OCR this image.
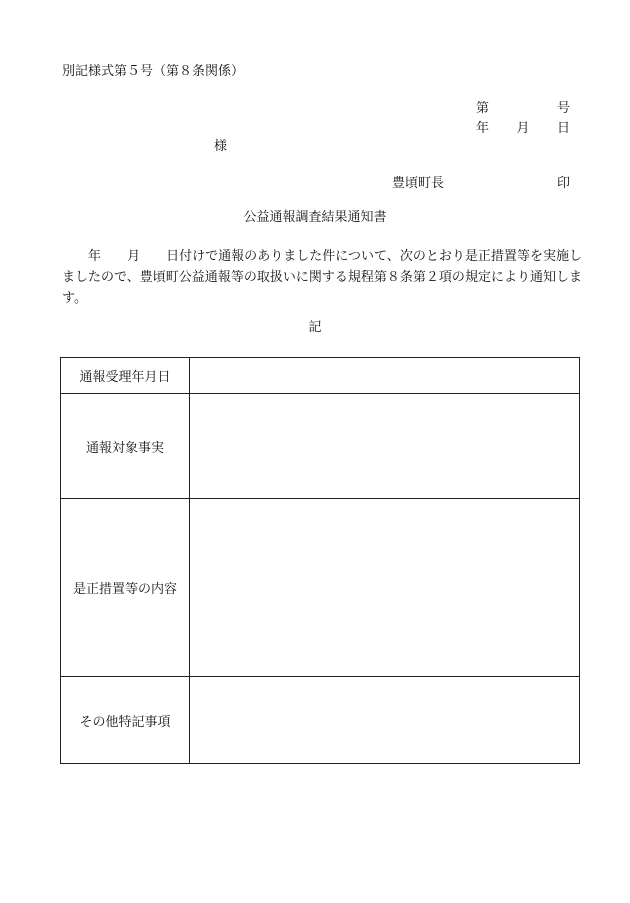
別記様式第５号（第８条関係）
第	号
年 月 日
様
豊頃町長	印
公益通報調査結果通知書
　　年　　月　　日付けで通報のありました件について、次のとおり是正措置等を実施しましたので、豊頃町公益通報等の取扱いに関する規程第８条第２項の規定により通知します。
記
通報受理年月日	
通報対象事実	
是正措置等の内容	
その他特記事項	
